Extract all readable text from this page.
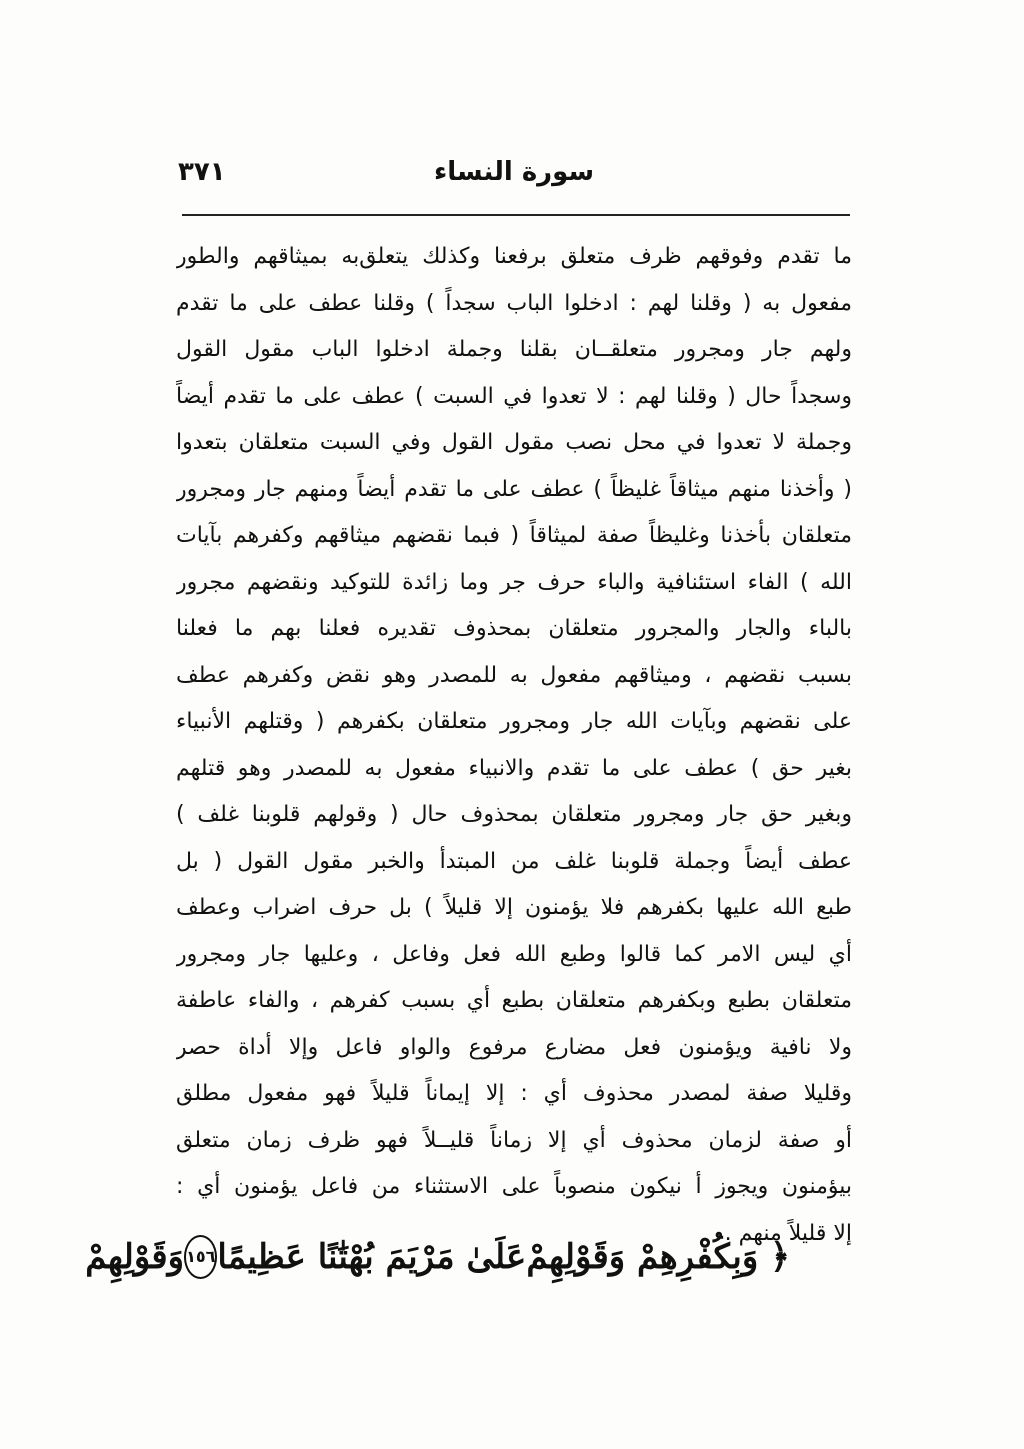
سورة النساء
٣٧١
ما تقدم وفوقهم ظرف متعلق برفعنا وكذلك يتعلق‌به بميثاقهم والطور
مفعول به ( وقلنا لهم : ادخلوا الباب سجداً ) وقلنا عطف على ما تقدم
ولهم جار ومجرور متعلقــان بقلنا وجملة ادخلوا الباب مقول القول
وسجداً حال ( وقلنا لهم : لا تعدوا في السبت ) عطف على ما تقدم أيضاً
وجملة لا تعدوا في محل نصب مقول القول وفي السبت متعلقان بتعدوا
( وأخذنا منهم ميثاقاً غليظاً ) عطف على ما تقدم أيضاً ومنهم جار ومجرور
متعلقان بأخذنا وغليظاً صفة لميثاقاً ( فبما نقضهم ميثاقهم وكفرهم بآيات
الله ) الفاء استئنافية والباء حرف جر وما زائدة للتوكيد ونقضهم مجرور
بالباء والجار والمجرور متعلقان بمحذوف تقديره فعلنا بهم ما فعلنا
بسبب نقضهم ، وميثاقهم مفعول به للمصدر وهو نقض وكفرهم عطف
على نقضهم وبآيات الله جار ومجرور متعلقان بكفرهم ( وقتلهم الأنبياء
بغير حق ) عطف على ما تقدم والانبياء مفعول به للمصدر وهو قتلهم
وبغير حق جار ومجرور متعلقان بمحذوف حال ( وقولهم قلوبنا غلف )
عطف أيضاً وجملة قلوبنا غلف من المبتدأ والخبر مقول القول ( بل
طبع الله عليها بكفرهم فلا يؤمنون إلا قليلاً ) بل حرف اضراب وعطف
أي ليس الامر كما قالوا وطبع الله فعل وفاعل ، وعليها جار ومجرور
متعلقان بطبع وبكفرهم متعلقان بطبع أي بسبب كفرهم ، والفاء عاطفة
ولا نافية ويؤمنون فعل مضارع مرفوع والواو فاعل وإلا أداة حصر
وقليلا صفة لمصدر محذوف أي : إلا إيماناً قليلاً فهو مفعول مطلق
أو صفة لزمان محذوف أي إلا زماناً قليــلاً فهو ظرف زمان متعلق
بيؤمنون ويجوز أ نيكون منصوباً على الاستثناء من فاعل يؤمنون أي :
إلا قليلاً منهم .
﴿ وَبِكُفْرِهِمْ وَقَوْلِهِمْ
عَلَىٰ مَرْيَمَ بُهْتَٰنًا عَظِيمًا
١٥٦
وَقَوْلِهِمْ
